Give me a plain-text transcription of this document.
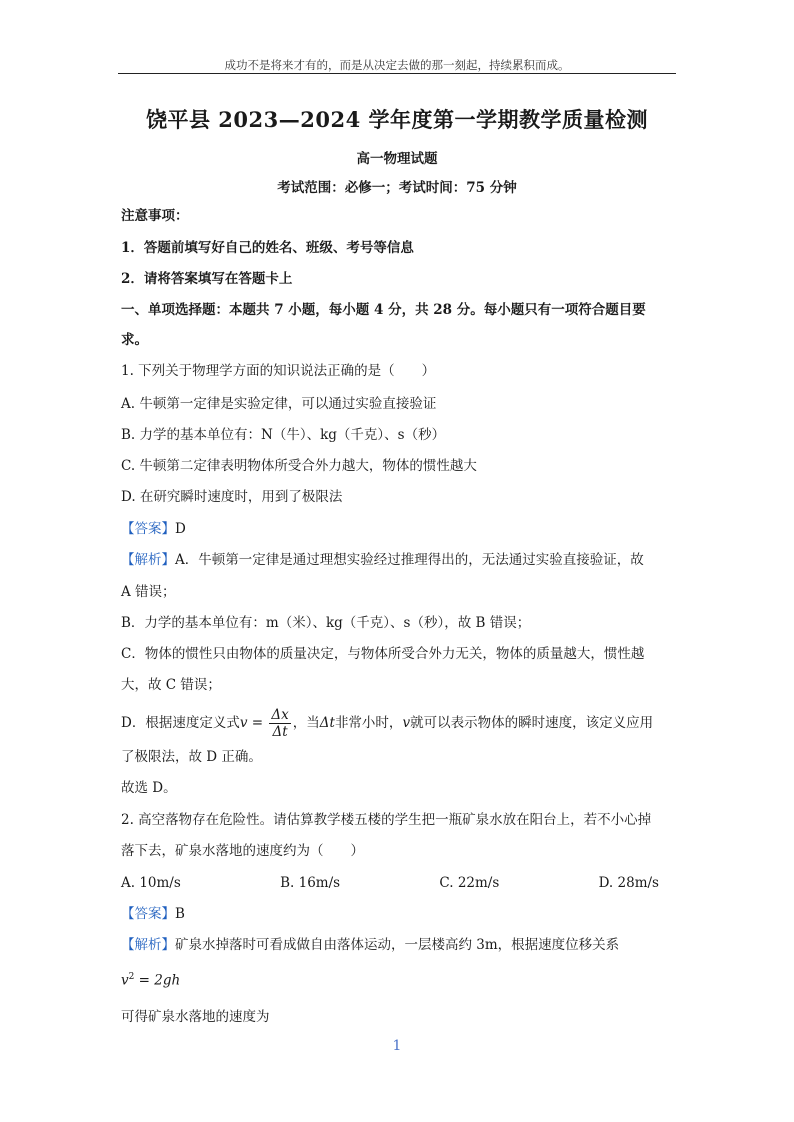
成功不是将来才有的，而是从决定去做的那一刻起，持续累积而成。
饶平县 2023—2024 学年度第一学期教学质量检测
高一物理试题
考试范围：必修一；考试时间：75 分钟
注意事项：
1．答题前填写好自己的姓名、班级、考号等信息
2．请将答案填写在答题卡上
一、单项选择题：本题共 7 小题，每小题 4 分，共 28 分。每小题只有一项符合题目要
求。
1. 下列关于物理学方面的知识说法正确的是（　　）
A. 牛顿第一定律是实验定律，可以通过实验直接验证
B. 力学的基本单位有：N（牛）、kg（千克）、s（秒）
C. 牛顿第二定律表明物体所受合外力越大，物体的惯性越大
D. 在研究瞬时速度时，用到了极限法
【答案】D
【解析】A．牛顿第一定律是通过理想实验经过推理得出的，无法通过实验直接验证，故
A 错误；
B．力学的基本单位有：m（米）、kg（千克）、s（秒），故 B 错误；
C．物体的惯性只由物体的质量决定，与物体所受合外力无关，物体的质量越大，惯性越
大，故 C 错误；
D．根据速度定义式 $v = \frac{\Delta x}{\Delta t}$ ，当 Δt 非常小时， v 就可以表示物体的瞬时速度，该定义应用
了极限法，故 D 正确。
故选 D。
2. 高空落物存在危险性。请估算教学楼五楼的学生把一瓶矿泉水放在阳台上，若不小心掉
落下去，矿泉水落地的速度约为（　　）
A. 10m/s	B. 16m/s	C. 22m/s	D. 28m/s
【答案】B
【解析】矿泉水掉落时可看成做自由落体运动，一层楼高约 3m，根据速度位移关系
$v^2 = 2gh$
可得矿泉水落地的速度为
1
